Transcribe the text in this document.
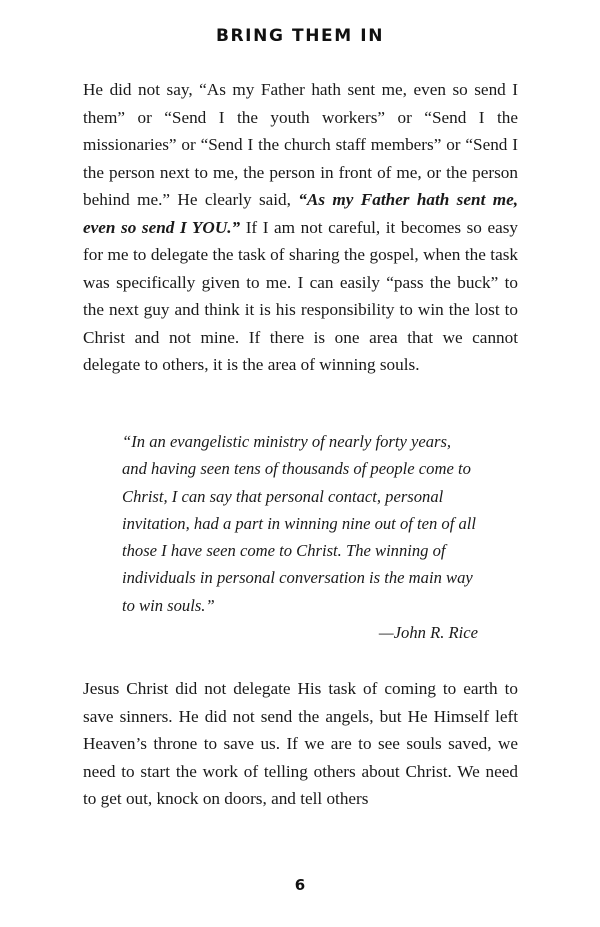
BRING THEM IN

He did not say, “As my Father hath sent me, even so send I them” or “Send I the youth workers” or “Send I the missionaries” or “Send I the church staff members” or “Send I the person next to me, the person in front of me, or the person behind me.” He clearly said, “As my Father hath sent me, even so send I YOU.” If I am not careful, it becomes so easy for me to delegate the task of sharing the gospel, when the task was specifically given to me. I can easily “pass the buck” to the next guy and think it is his responsibility to win the lost to Christ and not mine. If there is one area that we cannot delegate to others, it is the area of winning souls.

“In an evangelistic ministry of nearly forty years, and having seen tens of thousands of people come to Christ, I can say that personal contact, personal invitation, had a part in winning nine out of ten of all those I have seen come to Christ. The winning of individuals in personal conversation is the main way to win souls.”
—John R. Rice

Jesus Christ did not delegate His task of coming to earth to save sinners. He did not send the angels, but He Himself left Heaven’s throne to save us. If we are to see souls saved, we need to start the work of telling others about Christ. We need to get out, knock on doors, and tell others

6
